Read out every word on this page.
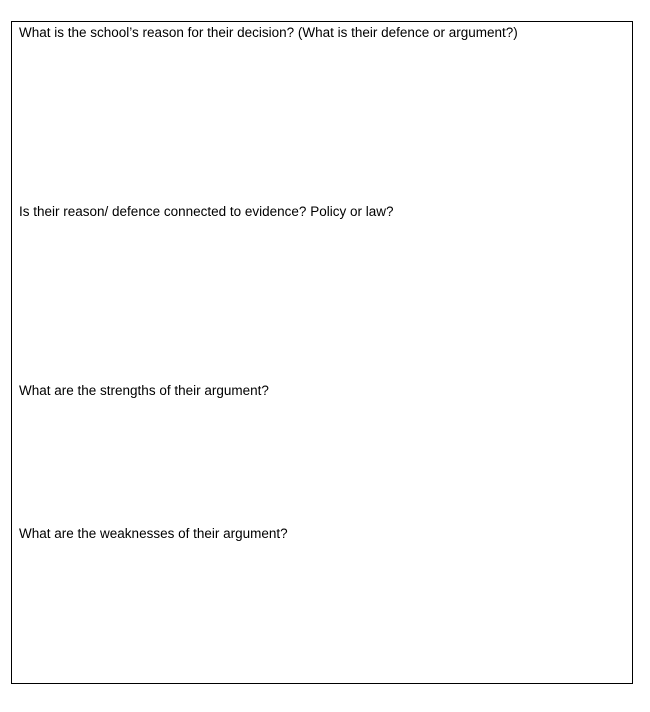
What is the school’s reason for their decision? (What is their defence or argument?)

Is their reason/ defence connected to evidence? Policy or law?

What are the strengths of their argument?

What are the weaknesses of their argument?
